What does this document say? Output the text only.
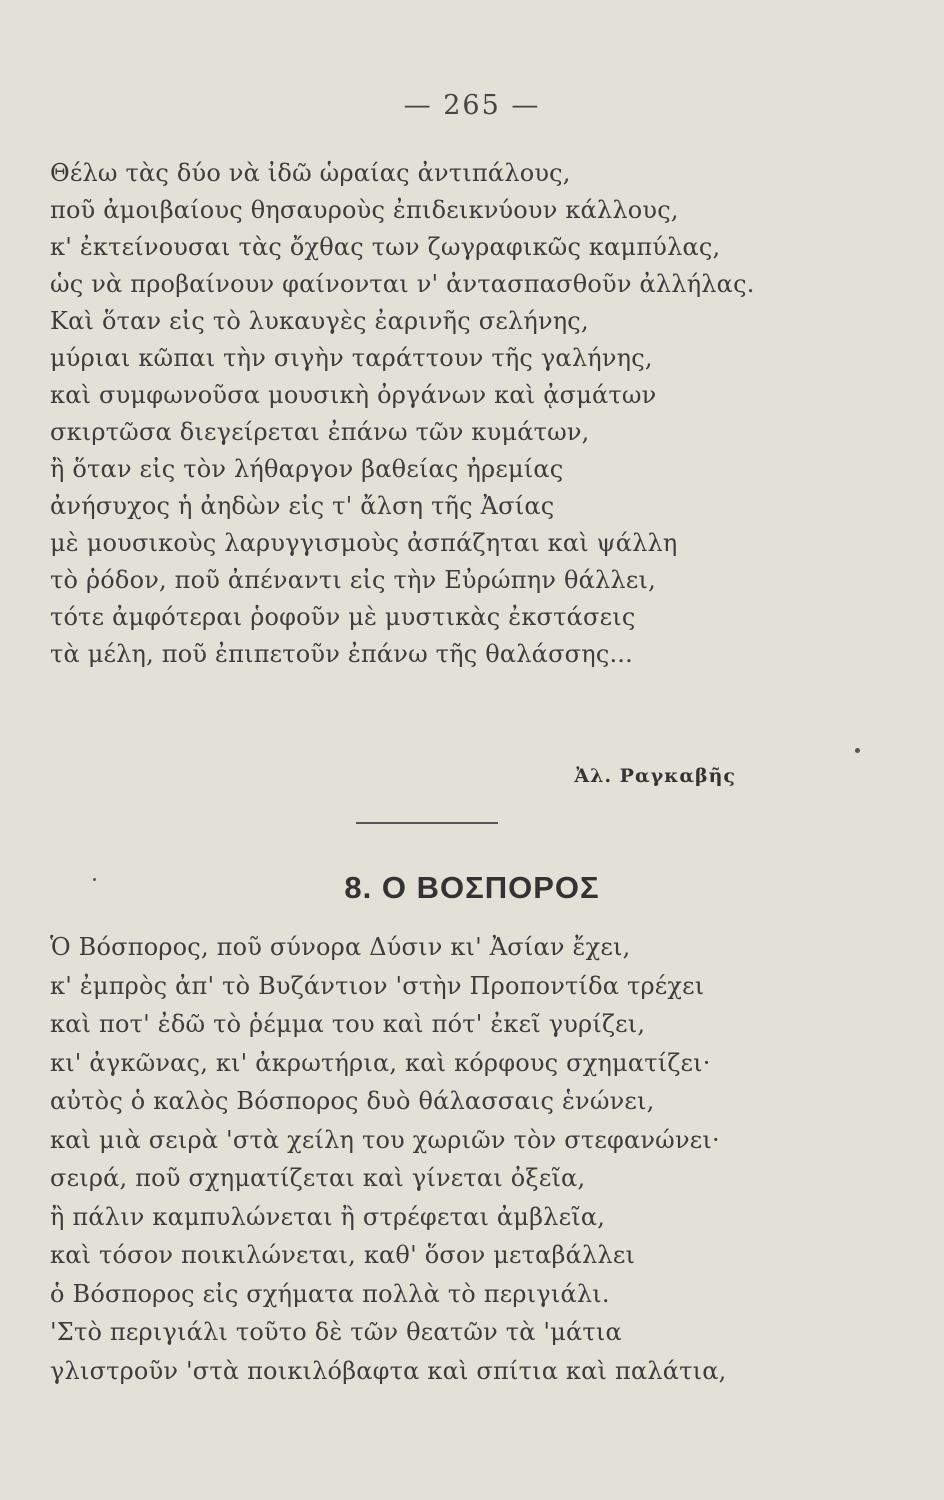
— 265 —
Θέλω τὰς δύο νὰ ἰδῶ ὡραίας ἀντιπάλους,
ποῦ ἀμοιβαίους θησαυροὺς ἐπιδεικνύουν κάλλους,
κ' ἐκτείνουσαι τὰς ὄχθας των ζωγραφικῶς καμπύλας,
ὡς νὰ προβαίνουν φαίνονται ν' ἀντασπασθοῦν ἀλλήλας.
Καὶ ὅταν εἰς τὸ λυκαυγὲς ἐαρινῆς σελήνης,
μύριαι κῶπαι τὴν σιγὴν ταράττουν τῆς γαλήνης,
καὶ συμφωνοῦσα μουσικὴ ὀργάνων καὶ ᾀσμάτων
σκιρτῶσα διεγείρεται ἐπάνω τῶν κυμάτων,
ἢ ὅταν εἰς τὸν λήθαργον βαθείας ἠρεμίας
ἀνήσυχος ἡ ἀηδὼν εἰς τ' ἄλση τῆς Ἀσίας
μὲ μουσικοὺς λαρυγγισμοὺς ἀσπάζηται καὶ ψάλλη
τὸ ῥόδον, ποῦ ἀπέναντι εἰς τὴν Εὐρώπην θάλλει,
τότε ἀμφότεραι ῥοφοῦν μὲ μυστικὰς ἐκστάσεις
τὰ μέλη, ποῦ ἐπιπετοῦν ἐπάνω τῆς θαλάσσης...
Ἀλ. Ραγκαβῆς
8. Ο ΒΟΣΠΟΡΟΣ
Ὁ Βόσπορος, ποῦ σύνορα Δύσιν κι' Ἀσίαν ἔχει,
κ' ἐμπρὸς ἀπ' τὸ Βυζάντιον 'στὴν Προποντίδα τρέχει
καὶ ποτ' ἐδῶ τὸ ῥέμμα του καὶ πότ' ἐκεῖ γυρίζει,
κι' ἀγκῶνας, κι' ἀκρωτήρια, καὶ κόρφους σχηματίζει·
αὐτὸς ὁ καλὸς Βόσπορος δυὸ θάλασσαις ἑνώνει,
καὶ μιὰ σειρὰ 'στὰ χείλη του χωριῶν τὸν στεφανώνει·
σειρά, ποῦ σχηματίζεται καὶ γίνεται ὀξεῖα,
ἢ πάλιν καμπυλώνεται ἢ στρέφεται ἀμβλεῖα,
καὶ τόσον ποικιλώνεται, καθ' ὅσον μεταβάλλει
ὁ Βόσπορος εἰς σχήματα πολλὰ τὸ περιγιάλι.
'Στὸ περιγιάλι τοῦτο δὲ τῶν θεατῶν τὰ 'μάτια
γλιστροῦν 'στὰ ποικιλόβαφτα καὶ σπίτια καὶ παλάτια,
